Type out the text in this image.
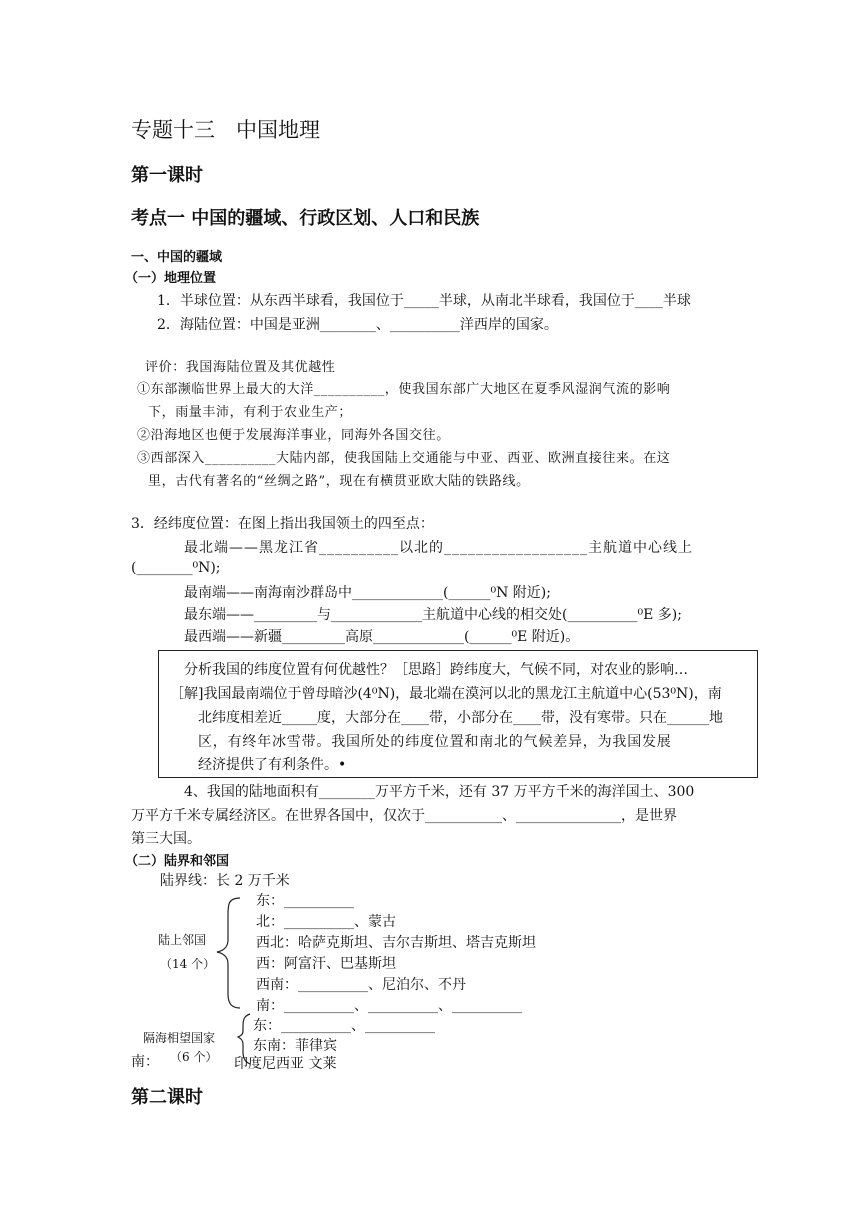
专题十三　中国地理
第一课时
考点一 中国的疆域、行政区划、人口和民族
一、中国的疆域
（一）地理位置
1．半球位置：从东西半球看，我国位于_____半球，从南北半球看，我国位于____半球
2．海陆位置：中国是亚洲________、__________洋西岸的国家。
评价：我国海陆位置及其优越性
①东部濒临世界上最大的大洋__________，使我国东部广大地区在夏季风湿润气流的影响
下，雨量丰沛，有利于农业生产；
②沿海地区也便于发展海洋事业，同海外各国交往。
③西部深入__________大陆内部，使我国陆上交通能与中亚、西亚、欧洲直接往来。在这
里，古代有著名的“丝绸之路”，现在有横贯亚欧大陆的铁路线。
3．经纬度位置：在图上指出我国领土的四至点：
最北端——黑龙江省__________以北的__________________主航道中心线上
(________⁰N);
最南端——南海南沙群岛中_____________(______⁰N 附近);
最东端——_________与_____________主航道中心线的相交处(__________⁰E 多);
最西端——新疆_________高原_____________(______⁰E 附近)。
分析我国的纬度位置有何优越性？［思路］跨纬度大，气候不同，对农业的影响…
［解]我国最南端位于曾母暗沙(4⁰N)，最北端在漠河以北的黑龙江主航道中心(53⁰N)，南
北纬度相差近_____度，大部分在____带，小部分在____带，没有寒带。只在______地
区，有终年冰雪带。我国所处的纬度位置和南北的气候差异，为我国发展
经济提供了有利条件。•
4、我国的陆地面积有________万平方千米，还有 37 万平方千米的海洋国土、300
万平方千米专属经济区。在世界各国中，仅次于___________、_______________，是世界
第三大国。
（二）陆界和邻国
陆界线：长 2 万千米
陆上邻国
（14 个）
东：__________
北：__________、蒙古
西北：哈萨克斯坦、吉尔吉斯坦、塔吉克斯坦
西：阿富汗、巴基斯坦
西南：__________、尼泊尔、不丹
南：__________、__________、__________
隔海相望国家
（6 个）
东：__________、__________
东南：菲律宾
南：	印度尼西亚 文莱
第二课时
